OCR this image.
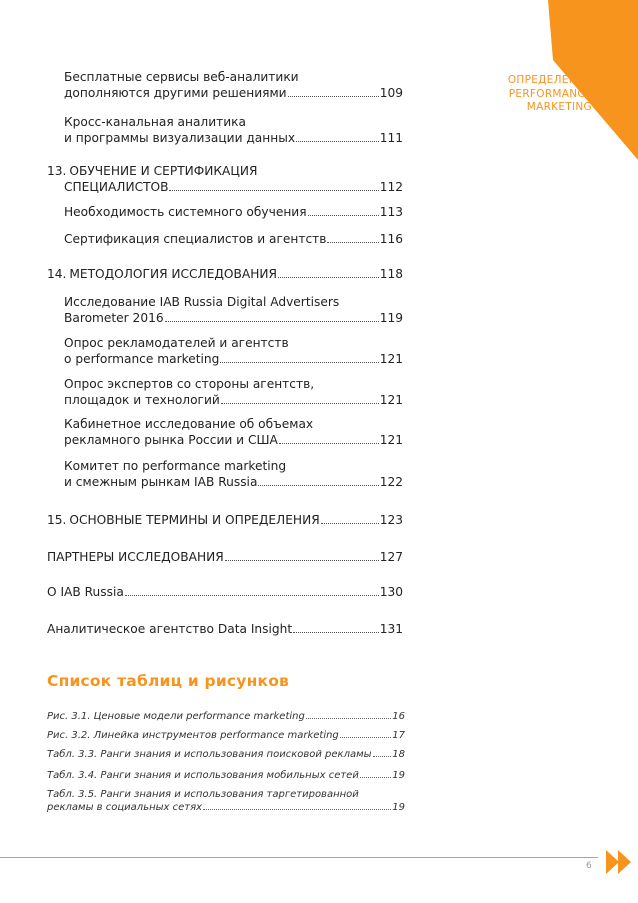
ОПРЕДЕЛЕНИЕ
PERFORMANCE
MARKETING
Бесплатные сервисы веб-аналитики
дополняются другими решениями	109
Кросс-канальная аналитика
и программы визуализации данных	111
13. ОБУЧЕНИЕ И СЕРТИФИКАЦИЯ
СПЕЦИАЛИСТОВ	112
Необходимость системного обучения	113
Сертификация специалистов и агентств	116
14. МЕТОДОЛОГИЯ ИССЛЕДОВАНИЯ	118
Исследование IAB Russia Digital Advertisers
Barometer 2016	119
Опрос рекламодателей и агентств
о performance marketing	121
Опрос экспертов со стороны агентств,
площадок и технологий	121
Кабинетное исследование об объемах
рекламного рынка России и США	121
Комитет по performance marketing
и смежным рынкам IAB Russia	122
15. ОСНОВНЫЕ ТЕРМИНЫ И ОПРЕДЕЛЕНИЯ	123
ПАРТНЕРЫ ИССЛЕДОВАНИЯ	127
О IAB Russia	130
Аналитическое агентство Data Insight	131
Список таблиц и рисунков
Рис. 3.1. Ценовые модели performance marketing	16
Рис. 3.2. Линейка инструментов performance marketing	17
Табл. 3.3. Ранги знания и использования поисковой рекламы 18
Табл. 3.4. Ранги знания и использования мобильных сетей	19
Табл. 3.5. Ранги знания и использования таргетированной
рекламы в социальных сетях	19
6
